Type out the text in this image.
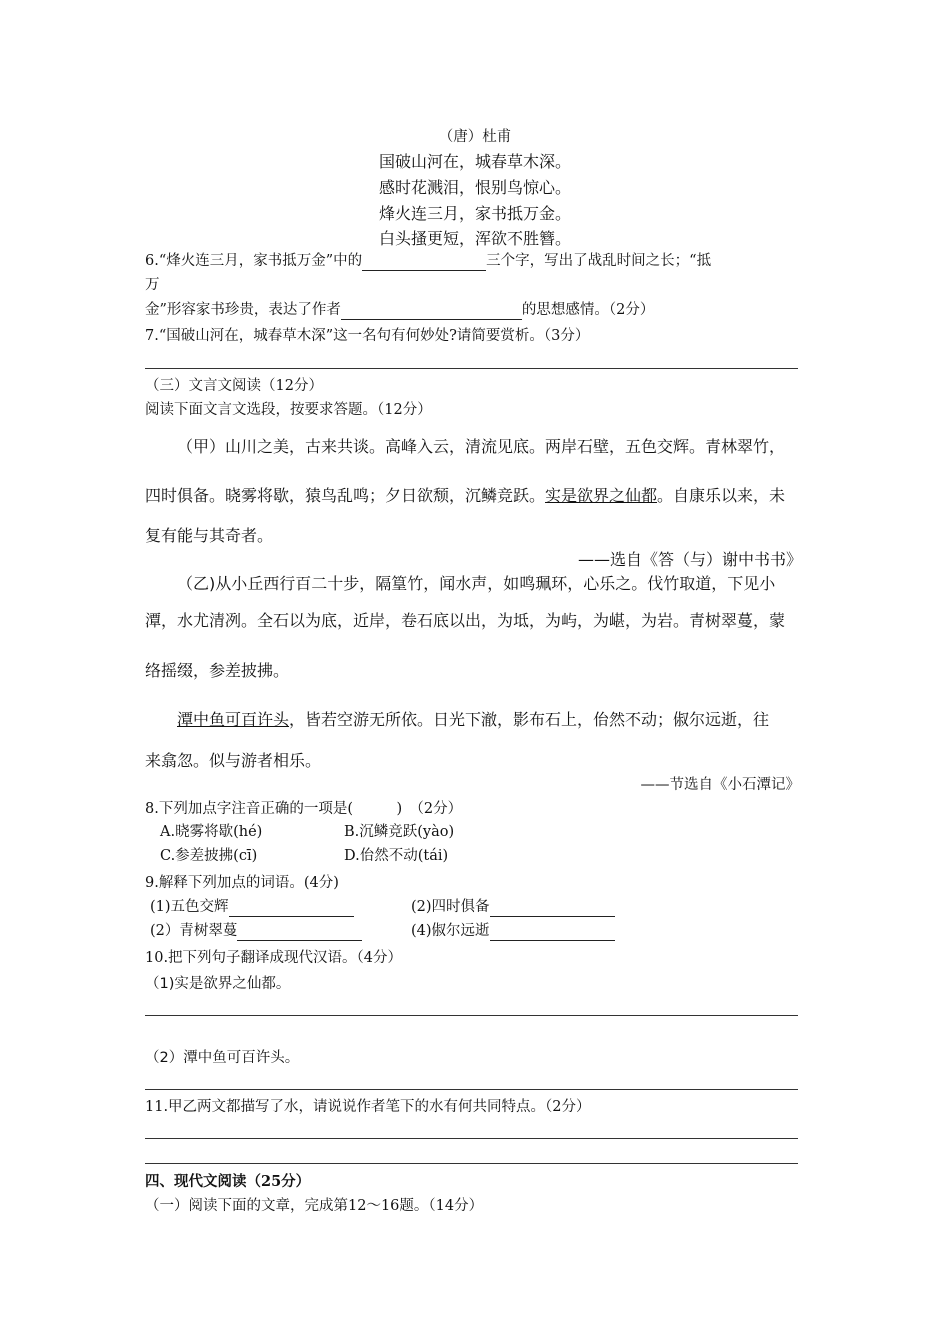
（唐）杜甫
国破山河在，城春草木深。
感时花溅泪，恨别鸟惊心。
烽火连三月，家书抵万金。
白头搔更短，浑欲不胜簪。
6.“烽火连三月，家书抵万金”中的	三个字，写出了战乱时间之长；“抵
万
金”形容家书珍贵，表达了作者	的思想感情。（2分）
7.“国破山河在，城春草木深”这一名句有何妙处?请简要赏析。（3分）
（三）文言文阅读（12分）
阅读下面文言文选段，按要求答题。（12分）
（甲）山川之美，古来共谈。高峰入云，清流见底。两岸石壁，五色交辉。青林翠竹，
四时俱备。晓雾将歇，猿鸟乱鸣；夕日欲颓，沉鳞竞跃。实是欲界之仙都。自康乐以来，未
复有能与其奇者。
——选自《答（与）谢中书书》
（乙)从小丘西行百二十步，隔篁竹，闻水声，如鸣珮环，心乐之。伐竹取道，下见小
潭，水尤清冽。全石以为底，近岸，卷石底以出，为坻，为屿，为嵁，为岩。青树翠蔓，蒙
络摇缀，参差披拂。
潭中鱼可百许头，皆若空游无所依。日光下澈，影布石上，佁然不动；俶尔远逝，往
来翕忽。似与游者相乐。
——节选自《小石潭记》
8.下列加点字注音正确的一项是(　　　)　（2分）
A.晓雾将歇(hé)	B.沉鳞竞跃(yào)
C.参差披拂(cī)	D.佁然不动(tái)
9.解释下列加点的词语。(4分)
(1)五色交辉	(2)四时俱备
(2）青树翠蔓	(4)俶尔远逝
10.把下列句子翻译成现代汉语。（4分）
（1)实是欲界之仙都。
（2）潭中鱼可百许头。
11.甲乙两文都描写了水，请说说作者笔下的水有何共同特点。（2分）
四、现代文阅读（25分）
（一）阅读下面的文章，完成第12～16题。（14分）
